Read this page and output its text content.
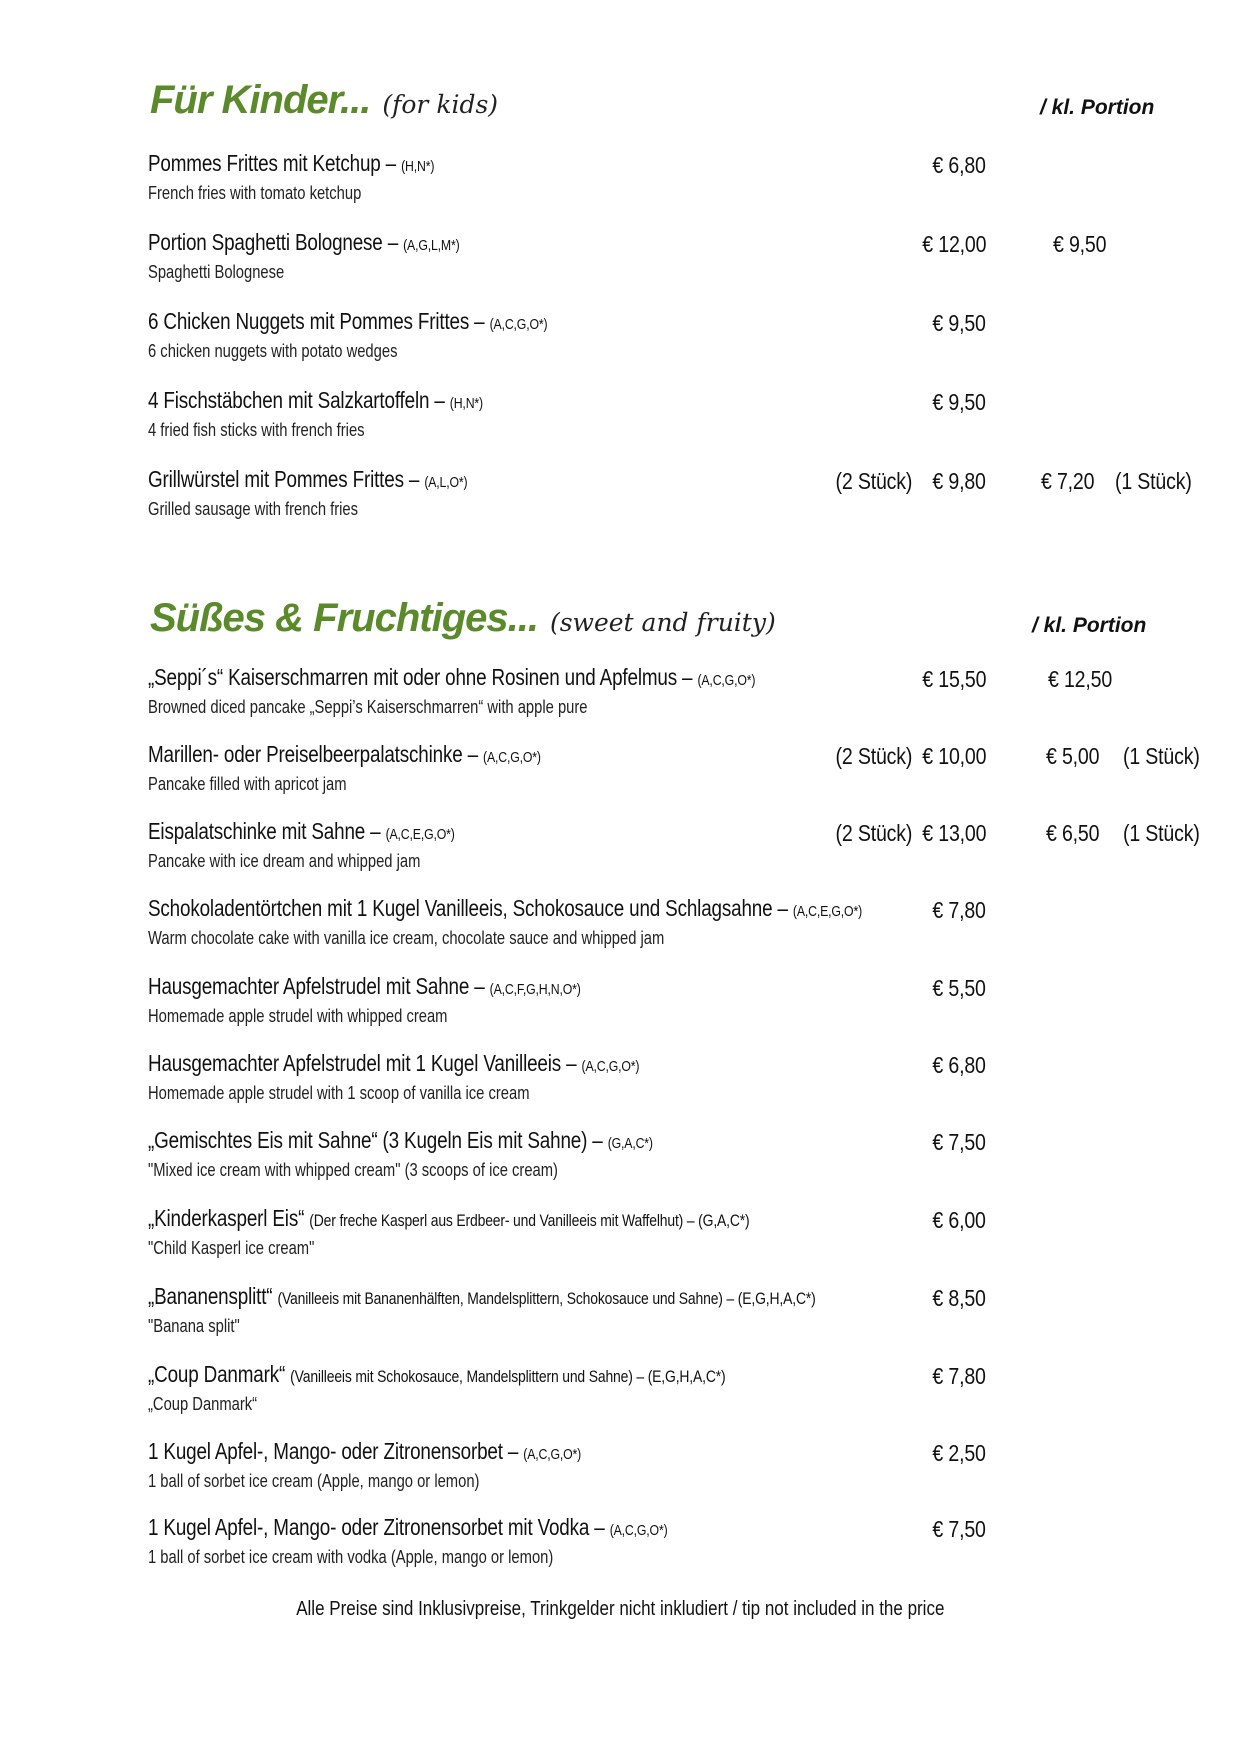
Für Kinder... (for kids)	/ kl. Portion
Pommes Frittes mit Ketchup – (H,N*)
French fries with tomato ketchup
€ 6,80
Portion Spaghetti Bolognese – (A,G,L,M*)
Spaghetti Bolognese
€ 12,00	€ 9,50
6 Chicken Nuggets mit Pommes Frittes – (A,C,G,O*)
6 chicken nuggets with potato wedges
€ 9,50
4 Fischstäbchen mit Salzkartoffeln – (H,N*)
4 fried fish sticks with french fries
€ 9,50
Grillwürstel mit Pommes Frittes – (A,L,O*)
Grilled sausage with french fries
(2 Stück) € 9,80 € 7,20 (1 Stück)
Süßes & Fruchtiges... (sweet and fruity)	/ kl. Portion
„Seppi´s“ Kaiserschmarren mit oder ohne Rosinen und Apfelmus – (A,C,G,O*)
Browned diced pancake „Seppi’s Kaiserschmarren“ with apple pure
€ 15,50	€ 12,50
Marillen- oder Preiselbeerpalatschinke – (A,C,G,O*)
Pancake filled with apricot jam
(2 Stück) € 10,00	€ 5,00 (1 Stück)
Eispalatschinke mit Sahne – (A,C,E,G,O*)
Pancake with ice dream and whipped jam
(2 Stück) € 13,00	€ 6,50 (1 Stück)
Schokoladentörtchen mit 1 Kugel Vanilleeis, Schokosauce und Schlagsahne – (A,C,E,G,O*)
Warm chocolate cake with vanilla ice cream, chocolate sauce and whipped jam
€ 7,80
Hausgemachter Apfelstrudel mit Sahne – (A,C,F,G,H,N,O*)
Homemade apple strudel with whipped cream
€ 5,50
Hausgemachter Apfelstrudel mit 1 Kugel Vanilleeis – (A,C,G,O*)
Homemade apple strudel with 1 scoop of vanilla ice cream
€ 6,80
„Gemischtes Eis mit Sahne“ (3 Kugeln Eis mit Sahne) – (G,A,C*)
"Mixed ice cream with whipped cream" (3 scoops of ice cream)
€ 7,50
„Kinderkasperl Eis“ (Der freche Kasperl aus Erdbeer- und Vanilleeis mit Waffelhut) – (G,A,C*)
"Child Kasperl ice cream"
€ 6,00
„Bananensplitt“ (Vanilleeis mit Bananenhälften, Mandelsplittern, Schokosauce und Sahne) – (E,G,H,A,C*)
"Banana split"
€ 8,50
„Coup Danmark“ (Vanilleeis mit Schokosauce, Mandelsplittern und Sahne) – (E,G,H,A,C*)
„Coup Danmark“
€ 7,80
1 Kugel Apfel-, Mango- oder Zitronensorbet – (A,C,G,O*)
1 ball of sorbet ice cream (Apple, mango or lemon)
€ 2,50
1 Kugel Apfel-, Mango- oder Zitronensorbet mit Vodka – (A,C,G,O*)
1 ball of sorbet ice cream with vodka (Apple, mango or lemon)
€ 7,50
Alle Preise sind Inklusivpreise, Trinkgelder nicht inkludiert / tip not included in the price
